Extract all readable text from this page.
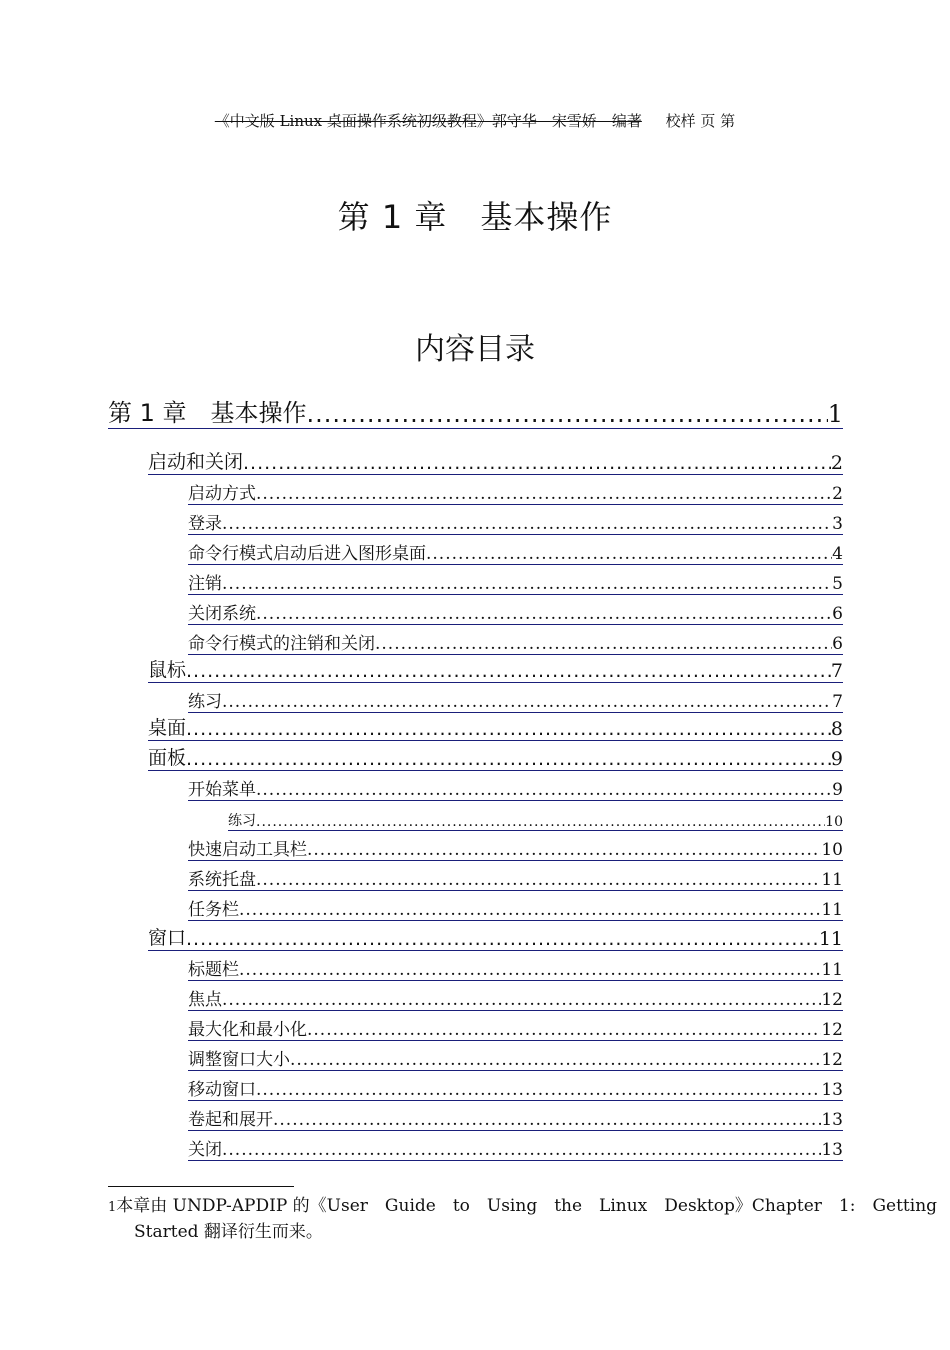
《中文版 Linux 桌面操作系统初级教程》郭守华　宋雪娇　编著　 校样 页 第
第 1 章　基本操作
内容目录
第 1 章　基本操作 .....	1
启动和关闭 .....	2
启动方式 .....	2
登录 .....	3
命令行模式启动后进入图形桌面 .....	4
注销 .....	5
关闭系统 .....	6
命令行模式的注销和关闭 .....	6
鼠标 .....	7
练习 .....	7
桌面 .....	8
面板 .....	9
开始菜单 .....	9
练习 .....	10
快速启动工具栏 .....	10
系统托盘 .....	11
任务栏 .....	11
窗口 .....	11
标题栏 .....	11
焦点 .....	12
最大化和最小化 .....	12
调整窗口大小 .....	12
移动窗口 .....	13
卷起和展开 .....	13
关闭 .....	13
1本章由 UNDP-APDIP 的《User　Guide　to　Using　the　Linux　Desktop》Chapter　1:　Getting
Started 翻译衍生而来。
